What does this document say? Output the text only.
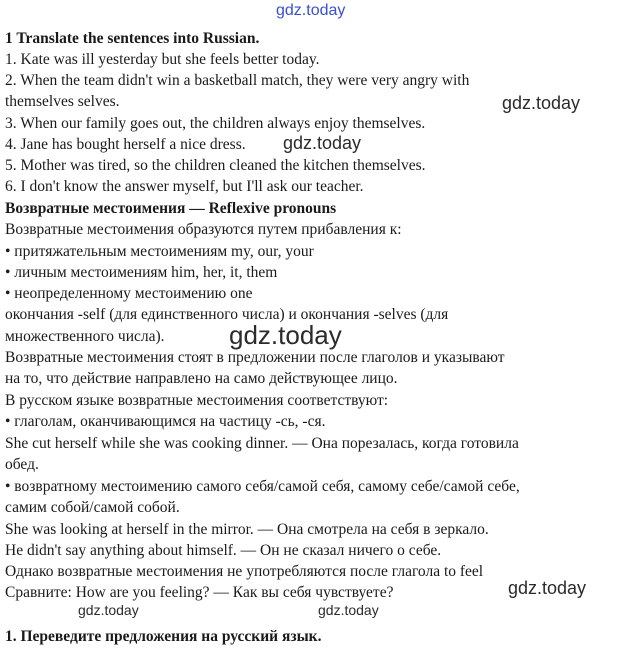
gdz.today

1 Translate the sentences into Russian.

1. Kate was ill yesterday but she feels better today.

2. When the team didn't win a basketball match, they were very angry with

themselves selves.	gdz.today

3. When our family goes out, the children always enjoy themselves.

4. Jane has bought herself a nice dress. gdz.today

5. Mother was tired, so the children cleaned the kitchen themselves.

6. I don't know the answer myself, but I'll ask our teacher.

Возвратные местоимения — Reflexive pronouns

Возвратные местоимения образуются путем прибавления к:

• притяжательным местоимениям my, our, your

• личным местоимениям him, her, it, them

• неопределенному местоимению one

окончания -self (для единственного числа) и окончания -selves (для

множественного числа). gdz.today

Возвратные местоимения стоят в предложении после глаголов и указывают

на то, что действие направлено на само действующее лицо.

В русском языке возвратные местоимения соответствуют:

• глаголам, оканчивающимся на частицу -сь, -ся.

She cut herself while she was cooking dinner. — Она порезалась, когда готовила

обед.

• возвратному местоимению самого себя/самой себя, самому себе/самой себе,

самим собой/самой собой.

She was looking at herself in the mirror. — Она смотрела на себя в зеркало.

He didn't say anything about himself. — Он не сказал ничего о себе.

Однако возвратные местоимения не употребляются после глагола to feel

gdz.today

Сравните: How are you feeling? — Как вы себя чувствуете?

gdz.today	gdz.today

1. Переведите предложения на русский язык.
